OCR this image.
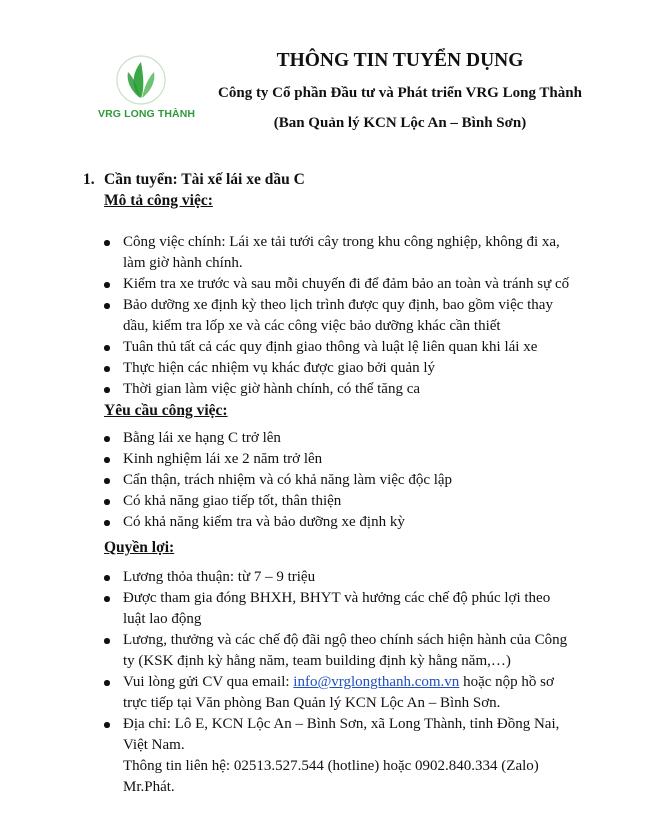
VRG LONG THÀNH
THÔNG TIN TUYỂN DỤNG
Công ty Cổ phần Đầu tư và Phát triển VRG Long Thành
(Ban Quản lý KCN Lộc An – Bình Sơn)
1. Cần tuyển: Tài xế lái xe dầu C
Mô tả công việc:
Công việc chính: Lái xe tải tưới cây trong khu công nghiệp, không đi xa,
làm giờ hành chính.
Kiểm tra xe trước và sau mỗi chuyến đi để đảm bảo an toàn và tránh sự cố
Bảo dưỡng xe định kỳ theo lịch trình được quy định, bao gồm việc thay
dầu, kiểm tra lốp xe và các công việc bảo dưỡng khác cần thiết
Tuân thủ tất cả các quy định giao thông và luật lệ liên quan khi lái xe
Thực hiện các nhiệm vụ khác được giao bởi quản lý
Thời gian làm việc giờ hành chính, có thể tăng ca
Yêu cầu công việc:
Bằng lái xe hạng C trở lên
Kinh nghiệm lái xe 2 năm trở lên
Cẩn thận, trách nhiệm và có khả năng làm việc độc lập
Có khả năng giao tiếp tốt, thân thiện
Có khả năng kiểm tra và bảo dưỡng xe định kỳ
Quyền lợi:
Lương thỏa thuận: từ 7 – 9 triệu
Được tham gia đóng BHXH, BHYT và hưởng các chế độ phúc lợi theo
luật lao động
Lương, thưởng và các chế độ đãi ngộ theo chính sách hiện hành của Công
ty (KSK định kỳ hằng năm, team building định kỳ hằng năm,…)
Vui lòng gửi CV qua email: info@vrglongthanh.com.vn hoặc nộp hồ sơ
trực tiếp tại Văn phòng Ban Quản lý KCN Lộc An – Bình Sơn.
Địa chỉ: Lô E, KCN Lộc An – Bình Sơn, xã Long Thành, tỉnh Đồng Nai,
Việt Nam.
Thông tin liên hệ: 02513.527.544 (hotline) hoặc 0902.840.334 (Zalo)
Mr.Phát.
